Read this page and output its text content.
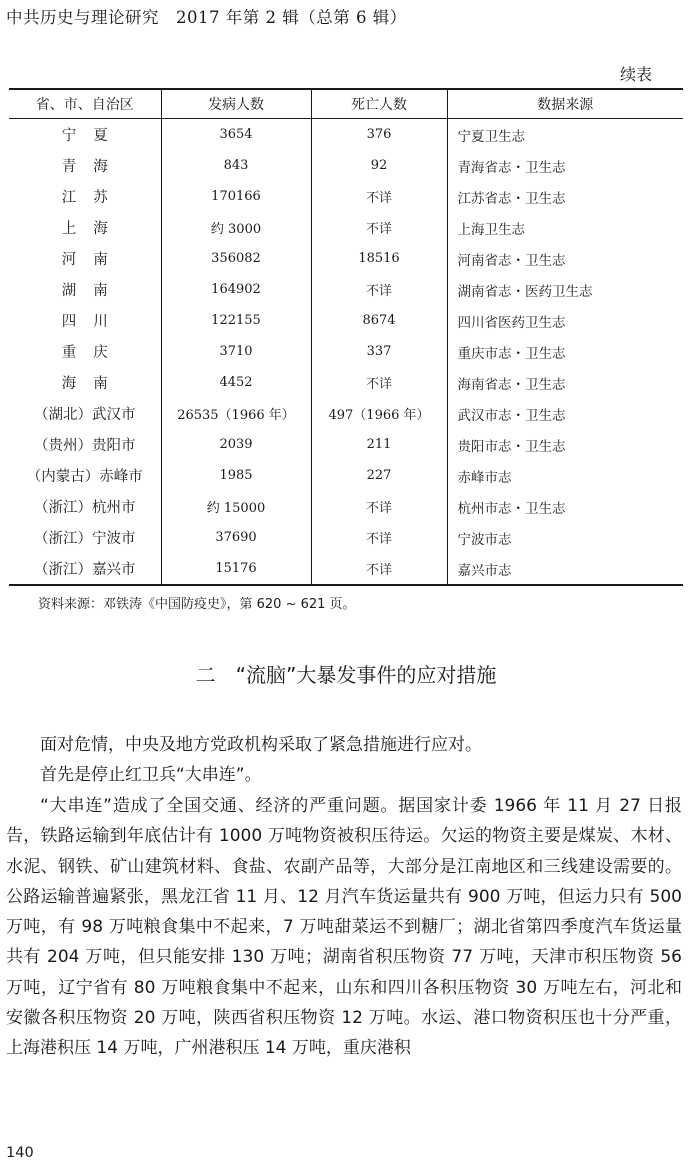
中共历史与理论研究　2017 年第 2 辑（总第 6 辑）
续表
省、市、自治区	发病人数	死亡人数	数据来源
宁夏	3654	376	宁夏卫生志
青海	843	92	青海省志・卫生志
江苏	170166	不详	江苏省志・卫生志
上海	约 3000	不详	上海卫生志
河南	356082	18516	河南省志・卫生志
湖南	164902	不详	湖南省志・医药卫生志
四川	122155	8674	四川省医药卫生志
重庆	3710	337	重庆市志・卫生志
海南	4452	不详	海南省志・卫生志
（湖北）武汉市	26535（1966 年）	497（1966 年）	武汉市志・卫生志
（贵州）贵阳市	2039	211	贵阳市志・卫生志
（内蒙古）赤峰市	1985	227	赤峰市志
（浙江）杭州市	约 15000	不详	杭州市志・卫生志
（浙江）宁波市	37690	不详	宁波市志
（浙江）嘉兴市	15176	不详	嘉兴市志
资料来源：邓铁涛《中国防疫史》，第 620 ~ 621 页。
二　“流脑”大暴发事件的应对措施
面对危情，中央及地方党政机构采取了紧急措施进行应对。
首先是停止红卫兵“大串连”。
“大串连”造成了全国交通、经济的严重问题。据国家计委 1966 年 11 月 27 日报告，铁路运输到年底估计有 1000 万吨物资被积压待运。欠运的物资主要是煤炭、木材、水泥、钢铁、矿山建筑材料、食盐、农副产品等，大部分是江南地区和三线建设需要的。公路运输普遍紧张，黑龙江省 11 月、12 月汽车货运量共有 900 万吨，但运力只有 500 万吨，有 98 万吨粮食集中不起来，7 万吨甜菜运不到糖厂；湖北省第四季度汽车货运量共有 204 万吨，但只能安排 130 万吨；湖南省积压物资 77 万吨，天津市积压物资 56 万吨，辽宁省有 80 万吨粮食集中不起来，山东和四川各积压物资 30 万吨左右，河北和安徽各积压物资 20 万吨，陕西省积压物资 12 万吨。水运、港口物资积压也十分严重，上海港积压 14 万吨，广州港积压 14 万吨，重庆港积
140
